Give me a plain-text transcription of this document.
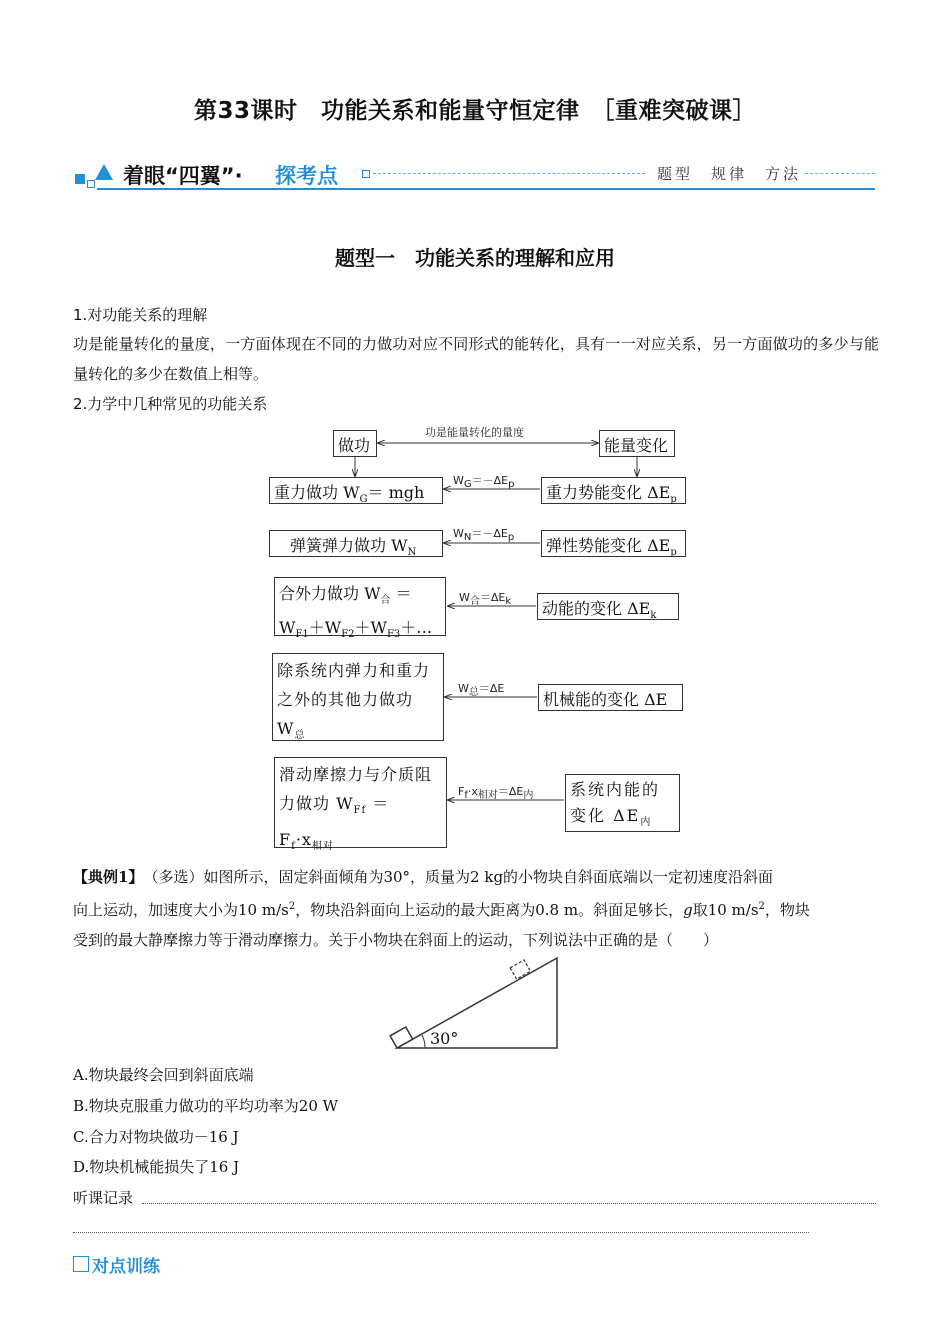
第33课时　功能关系和能量守恒定律　［重难突破课］
着眼“四翼”· 探考点	题型　规律　方法
题型一　功能关系的理解和应用
1.对功能关系的理解
功是能量转化的量度，一方面体现在不同的力做功对应不同形式的能转化，具有一一对应关系，另一方面做功的多少与能量转化的多少在数值上相等。
2.力学中几种常见的功能关系
做功	能量变化
功是能量转化的量度
重力做功 $W_G=$ mgh
$W_G=-\Delta E_p$	重力势能变化 $\Delta E_p$
弹簧弹力做功 $W_N$
$W_N=-\Delta E_p$	弹性势能变化 $\Delta E_p$
合外力做功 $W_合$ ＝
$W_{F1}+W_{F2}+W_{F3}+\dots$
$W_合=\Delta E_k$	动能的变化 $\Delta E_k$
除系统内弹力和重力
之外的其他力做功
$W_总$
$W_总=\Delta E$
机械能的变化 ΔE
滑动摩擦力与介质阻
力做功 $W_{Ff}$ ＝
$F_f\cdot x_{相对}$
$F_f\cdot x_{相对}=\Delta E_内$ 系统内能的
变化 $\Delta E_内$
【典例1】　 （多选）如图所示，固定斜面倾角为30°，质量为2 kg的小物块自斜面底端以一定初速度沿斜面
向上运动，加速度大小为10 $m/s^2$，物块沿斜面向上运动的最大距离为0.8 m。斜面足够长，g取10 $m/s^2$，物块
受到的最大静摩擦力等于滑动摩擦力。关于小物块在斜面上的运动，下列说法中正确的是（　　）
30°
A.物块最终会回到斜面底端
B.物块克服重力做功的平均功率为20 W
C.合力对物块做功－16 J
D.物块机械能损失了16 J
听课记录
对点训练
